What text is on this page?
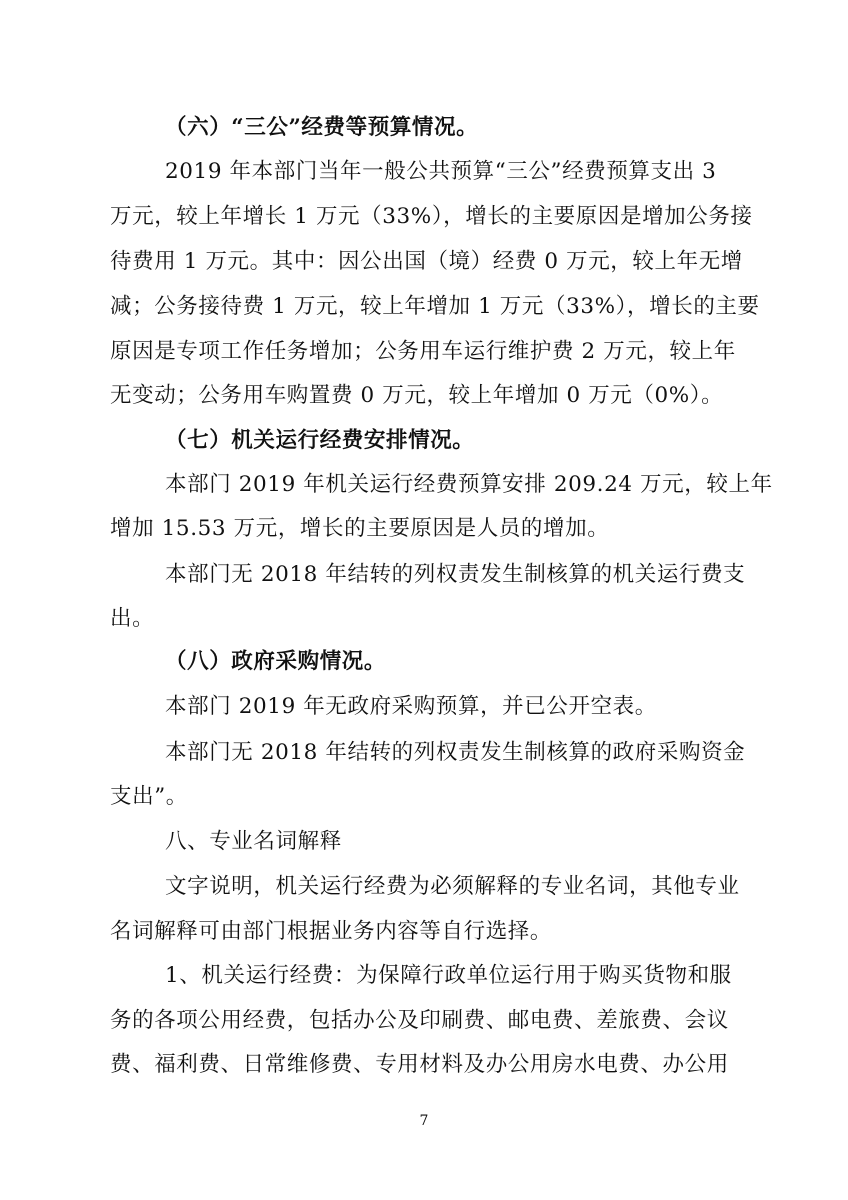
（六）“三公”经费等预算情况。
2019 年本部门当年一般公共预算“三公”经费预算支出 3
万元，较上年增长 1 万元（33%），增长的主要原因是增加公务接
待费用 1 万元。其中：因公出国（境）经费 0 万元，较上年无增
减；公务接待费 1 万元，较上年增加 1 万元（33%），增长的主要
原因是专项工作任务增加；公务用车运行维护费 2 万元，较上年
无变动；公务用车购置费 0 万元，较上年增加 0 万元（0%）。
（七）机关运行经费安排情况。
本部门 2019 年机关运行经费预算安排 209.24 万元，较上年
增加 15.53 万元，增长的主要原因是人员的增加。
本部门无 2018 年结转的列权责发生制核算的机关运行费支
出。
（八）政府采购情况。
本部门 2019 年无政府采购预算，并已公开空表。
本部门无 2018 年结转的列权责发生制核算的政府采购资金
支出”。
八、专业名词解释
文字说明，机关运行经费为必须解释的专业名词，其他专业
名词解释可由部门根据业务内容等自行选择。
1、机关运行经费：为保障行政单位运行用于购买货物和服
务的各项公用经费，包括办公及印刷费、邮电费、差旅费、会议
费、福利费、日常维修费、专用材料及办公用房水电费、办公用
7
